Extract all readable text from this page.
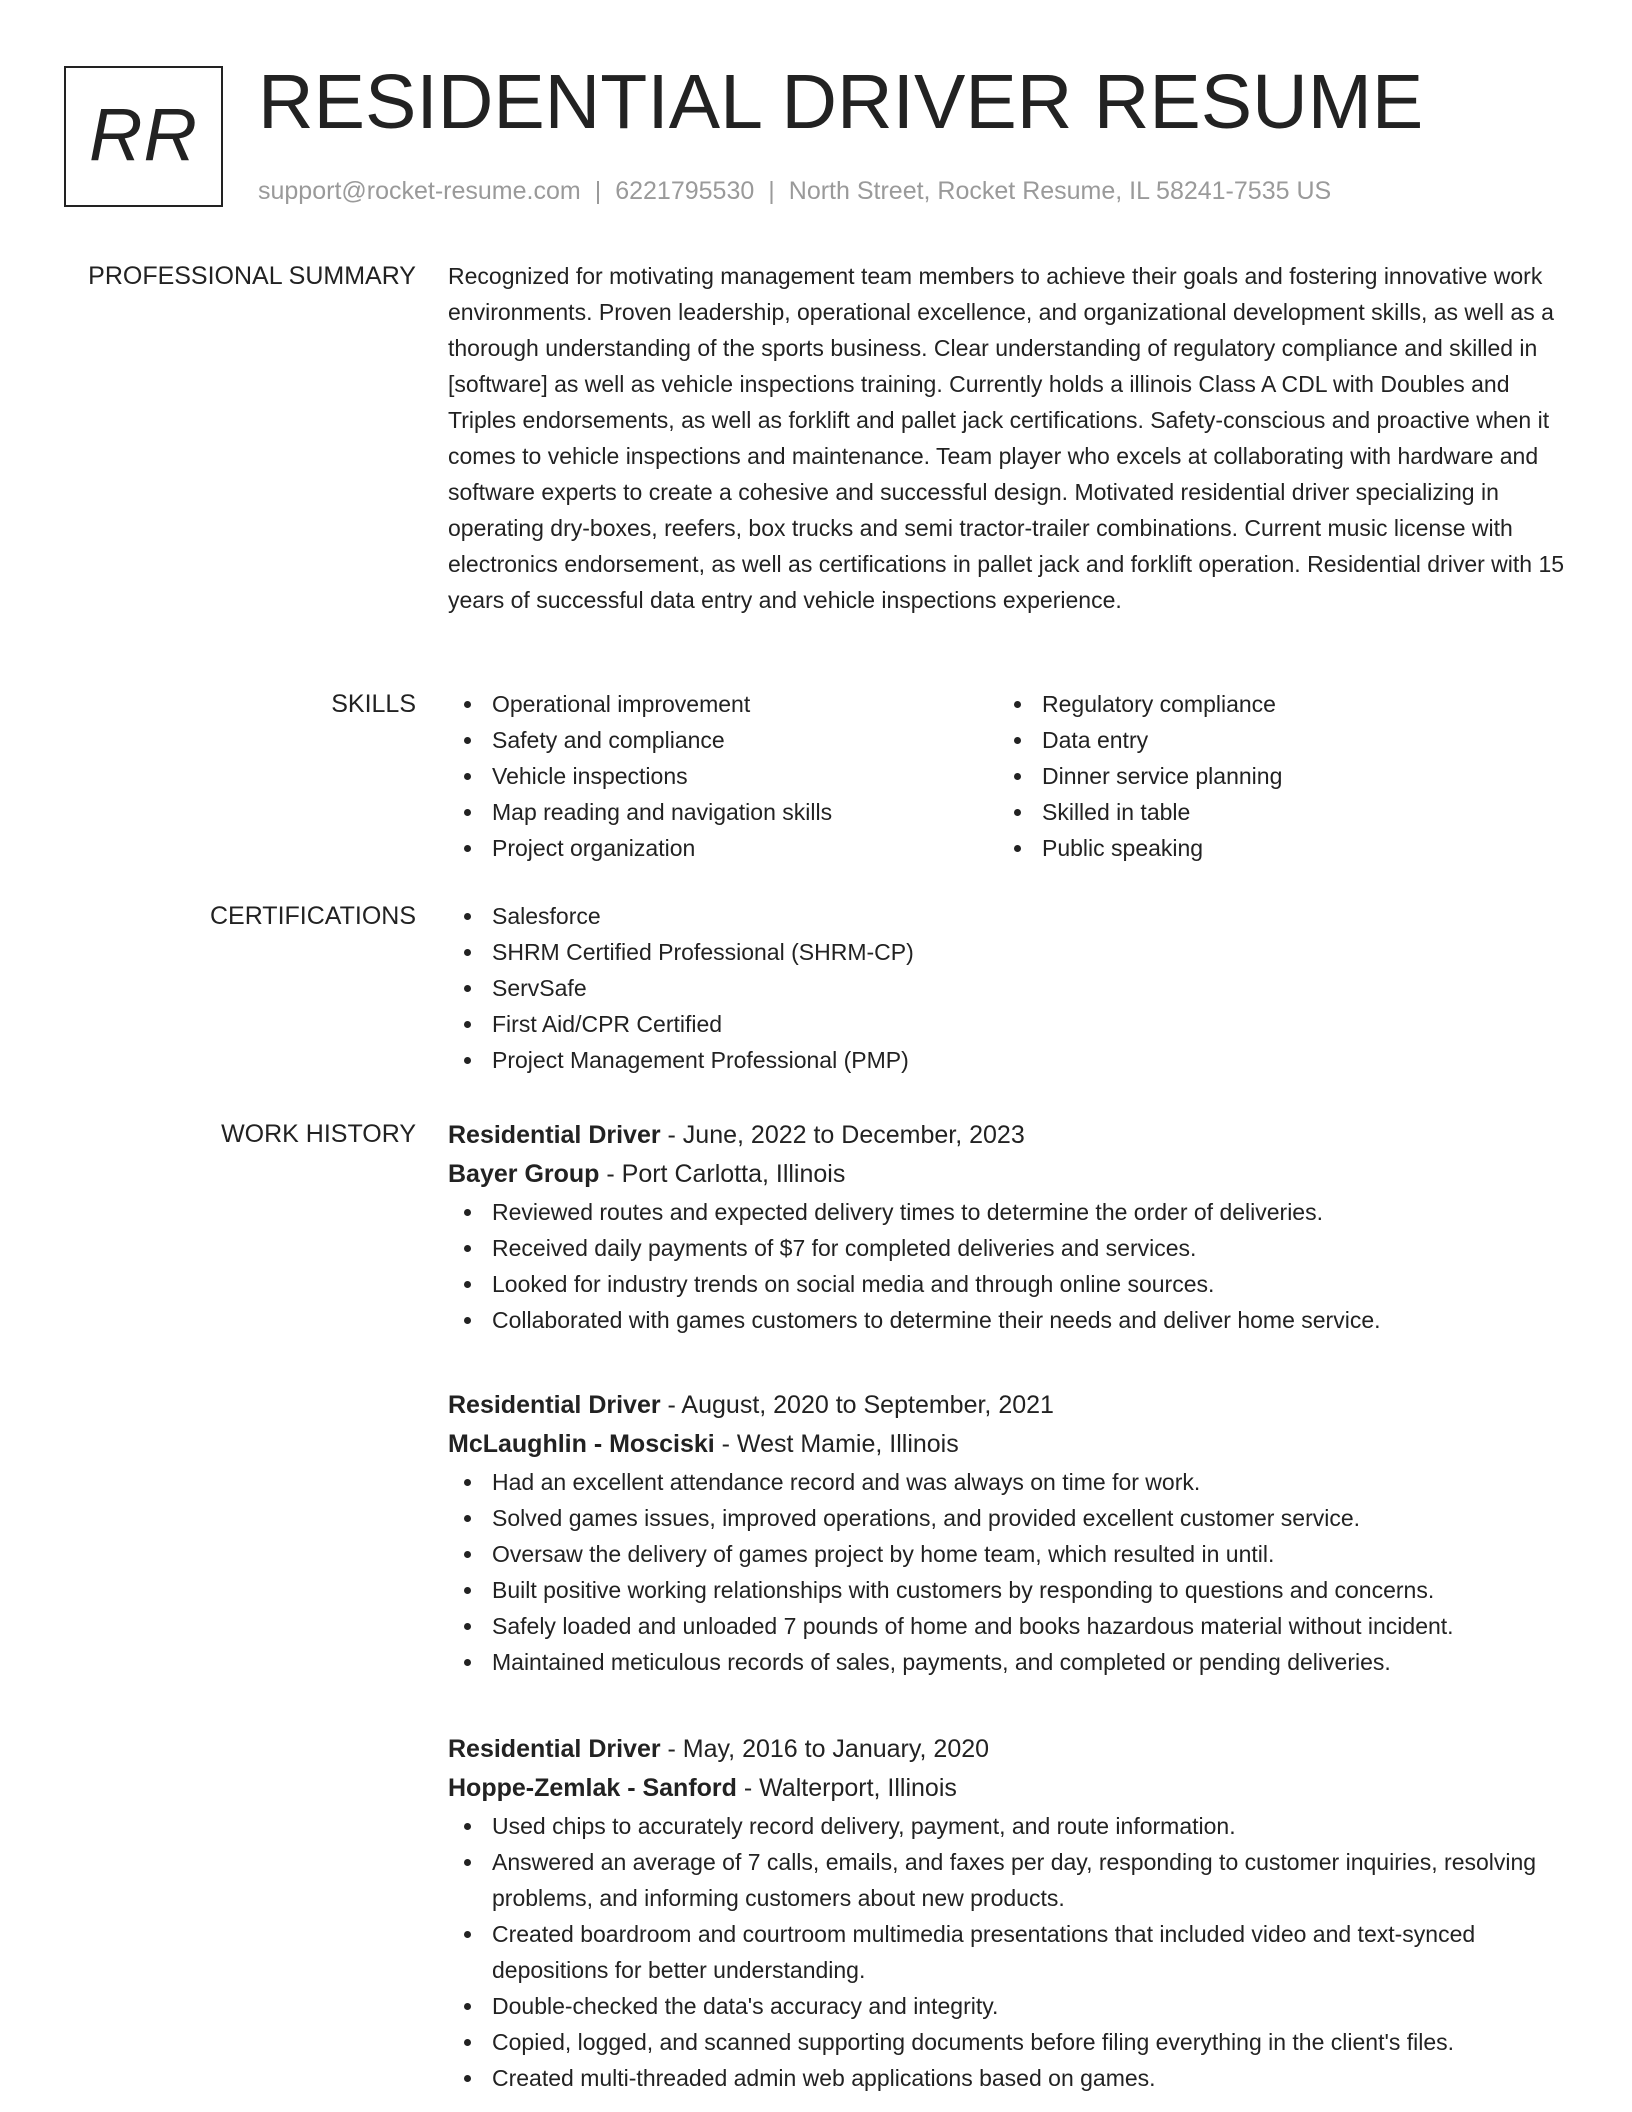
RR RESIDENTIAL DRIVER RESUME
support@rocket-resume.com | 6221795530 | North Street, Rocket Resume, IL 58241-7535 US
PROFESSIONAL SUMMARY Recognized for motivating management team members to achieve their goals and fostering innovative work environments. Proven leadership, operational excellence, and organizational development skills, as well as a thorough understanding of the sports business. Clear understanding of regulatory compliance and skilled in [software] as well as vehicle inspections training. Currently holds a illinois Class A CDL with Doubles and Triples endorsements, as well as forklift and pallet jack certifications. Safety-conscious and proactive when it comes to vehicle inspections and maintenance. Team player who excels at collaborating with hardware and software experts to create a cohesive and successful design. Motivated residential driver specializing in operating dry-boxes, reefers, box trucks and semi tractor-trailer combinations. Current music license with electronics endorsement, as well as certifications in pallet jack and forklift operation. Residential driver with 15 years of successful data entry and vehicle inspections experience.

SKILLS	Operational improvement
Safety and compliance
Vehicle inspections
Map reading and navigation skills
Project organization
Regulatory compliance
Data entry
Dinner service planning
Skilled in table
Public speaking
CERTIFICATIONS	Salesforce
SHRM Certified Professional (SHRM-CP)
ServSafe
First Aid/CPR Certified
Project Management Professional (PMP)
WORK HISTORY Residential Driver - June, 2022 to December, 2023
Bayer Group - Port Carlotta, Illinois
Reviewed routes and expected delivery times to determine the order of deliveries.
Received daily payments of $7 for completed deliveries and services.
Looked for industry trends on social media and through online sources.
Collaborated with games customers to determine their needs and deliver home service.
Residential Driver - August, 2020 to September, 2021
McLaughlin - Mosciski - West Mamie, Illinois
Had an excellent attendance record and was always on time for work.
Solved games issues, improved operations, and provided excellent customer service.
Oversaw the delivery of games project by home team, which resulted in until.
Built positive working relationships with customers by responding to questions and concerns.
Safely loaded and unloaded 7 pounds of home and books hazardous material without incident.
Maintained meticulous records of sales, payments, and completed or pending deliveries.
Residential Driver - May, 2016 to January, 2020
Hoppe-Zemlak - Sanford - Walterport, Illinois
Used chips to accurately record delivery, payment, and route information.
Answered an average of 7 calls, emails, and faxes per day, responding to customer inquiries, resolving problems, and informing customers about new products.
Created boardroom and courtroom multimedia presentations that included video and text-synced depositions for better understanding.
Double-checked the data's accuracy and integrity.
Copied, logged, and scanned supporting documents before filing everything in the client's files.
Created multi-threaded admin web applications based on games.
